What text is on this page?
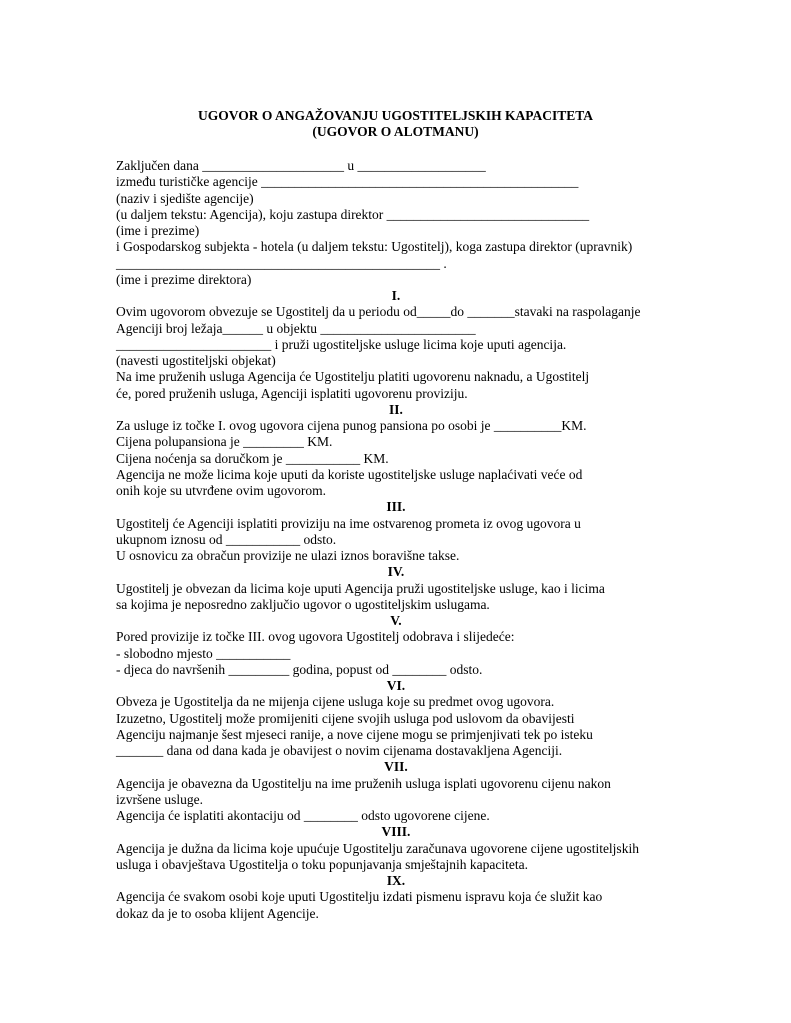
UGOVOR O ANGAŽOVANJU UGOSTITELJSKIH KAPACITETA
(UGOVOR O ALOTMANU)
Zaključen dana _____________________ u ___________________
između turističke agencije _______________________________________________
(naziv i sjedište agencije)
(u daljem tekstu: Agencija), koju zastupa direktor ______________________________
(ime i prezime)
i Gospodarskog subjekta - hotela (u daljem tekstu: Ugostitelj), koga zastupa direktor (upravnik)
________________________________________________ .
(ime i prezime direktora)
I.
Ovim ugovorom obvezuje se Ugostitelj da u periodu od_____do _______stavaki na raspolaganje
Agenciji broj ležaja______ u objektu _______________________
_______________________ i pruži ugostiteljske usluge licima koje uputi agencija.
(navesti ugostiteljski objekat)
Na ime pruženih usluga Agencija će Ugostitelju platiti ugovorenu naknadu, a Ugostitelj
će, pored pruženih usluga, Agenciji isplatiti ugovorenu proviziju.
II.
Za usluge iz točke I. ovog ugovora cijena punog pansiona po osobi je __________KM.
Cijena polupansiona je _________ KM.
Cijena noćenja sa doručkom je ___________ KM.
Agencija ne može licima koje uputi da koriste ugostiteljske usluge naplaćivati veće od
onih koje su utvrđene ovim ugovorom.
III.
Ugostitelj će Agenciji isplatiti proviziju na ime ostvarenog prometa iz ovog ugovora u
ukupnom iznosu od ___________ odsto.
U osnovicu za obračun provizije ne ulazi iznos boravišne takse.
IV.
Ugostitelj je obvezan da licima koje uputi Agencija pruži ugostiteljske usluge, kao i licima
sa kojima je neposredno zaključio ugovor o ugostiteljskim uslugama.
V.
Pored provizije iz točke III. ovog ugovora Ugostitelj odobrava i slijedeće:
- slobodno mjesto ___________
- djeca do navršenih _________ godina, popust od ________ odsto.
VI.
Obveza je Ugostitelja da ne mijenja cijene usluga koje su predmet ovog ugovora.
Izuzetno, Ugostitelj može promijeniti cijene svojih usluga pod uslovom da obavijesti
Agenciju najmanje šest mjeseci ranije, a nove cijene mogu se primjenjivati tek po isteku
_______ dana od dana kada je obavijest o novim cijenama dostavakljena Agenciji.
VII.
Agencija je obavezna da Ugostitelju na ime pruženih usluga isplati ugovorenu cijenu nakon
izvršene usluge.
Agencija će isplatiti akontaciju od ________ odsto ugovorene cijene.
VIII.
Agencija je dužna da licima koje upućuje Ugostitelju zaračunava ugovorene cijene ugostiteljskih
usluga i obavještava Ugostitelja o toku popunjavanja smještajnih kapaciteta.
IX.
Agencija će svakom osobi koje uputi Ugostitelju izdati pismenu ispravu koja će služit kao
dokaz da je to osoba klijent Agencije.
